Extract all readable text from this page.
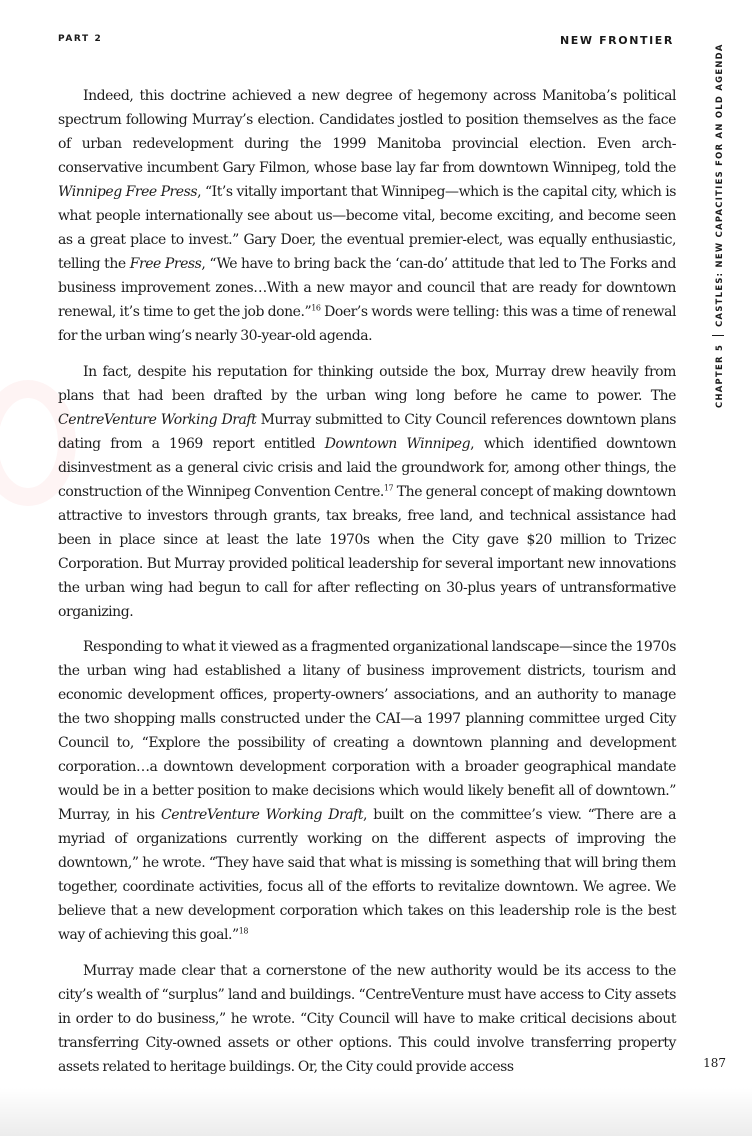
PART 2	NEW FRONTIER
CHAPTER 5CASTLES: NEW CAPACITIES FOR AN OLD AGENDA

Indeed, this doctrine achieved a new degree of hegemony across Manitoba’s political spectrum following Murray’s election. Candidates jostled to position themselves as the face of urban redevelopment during the 1999 Manitoba provincial election. Even arch-conservative incumbent Gary Filmon, whose base lay far from downtown Winnipeg, told the Winnipeg Free Press, “It’s vitally important that Winnipeg—which is the capital city, which is what people internationally see about us—become vital, become exciting, and become seen as a great place to invest.” Gary Doer, the eventual premier-elect, was equally enthusiastic, telling the Free Press, “We have to bring back the ‘can-do’ attitude that led to The Forks and business improvement zones…With a new mayor and council that are ready for downtown renewal, it’s time to get the job done.”$^{16}$ Doer’s words were telling: this was a time of renewal for the urban wing’s nearly 30-year-old agenda.

In fact, despite his reputation for thinking outside the box, Murray drew heavily from plans that had been drafted by the urban wing long before he came to power. The CentreVenture Working Draft Murray submitted to City Council references downtown plans dating from a 1969 report entitled Downtown Winnipeg, which identified downtown disinvestment as a general civic crisis and laid the groundwork for, among other things, the construction of the Winnipeg Convention Centre.$^{17}$ The general concept of making downtown attractive to investors through grants, tax breaks, free land, and technical assistance had been in place since at least the late 1970s when the City gave $20 million to Trizec Corporation. But Murray provided political leadership for several important new innovations the urban wing had begun to call for after reflecting on 30-plus years of untransformative organizing.

Responding to what it viewed as a fragmented organizational landscape—since the 1970s the urban wing had established a litany of business improvement districts, tourism and economic development offices, property-owners’ associations, and an authority to manage the two shopping malls constructed under the CAI—a 1997 planning committee urged City Council to, “Explore the possibility of creating a downtown planning and development corporation…a downtown development corporation with a broader geographical mandate would be in a better position to make decisions which would likely benefit all of downtown.” Murray, in his CentreVenture Working Draft, built on the committee’s view. “There are a myriad of organizations currently working on the different aspects of improving the downtown,” he wrote. “They have said that what is missing is something that will bring them together, coordinate activities, focus all of the efforts to revitalize downtown. We agree. We believe that a new development corporation which takes on this leadership role is the best way of achieving this goal.”$^{18}$

Murray made clear that a cornerstone of the new authority would be its access to the city’s wealth of “surplus” land and buildings. “CentreVenture must have access to City assets in order to do business,” he wrote. “City Council will have to make critical decisions about transferring City-owned assets or other options. This could involve transferring property assets related to heritage buildings. Or, the City could provide access	187
